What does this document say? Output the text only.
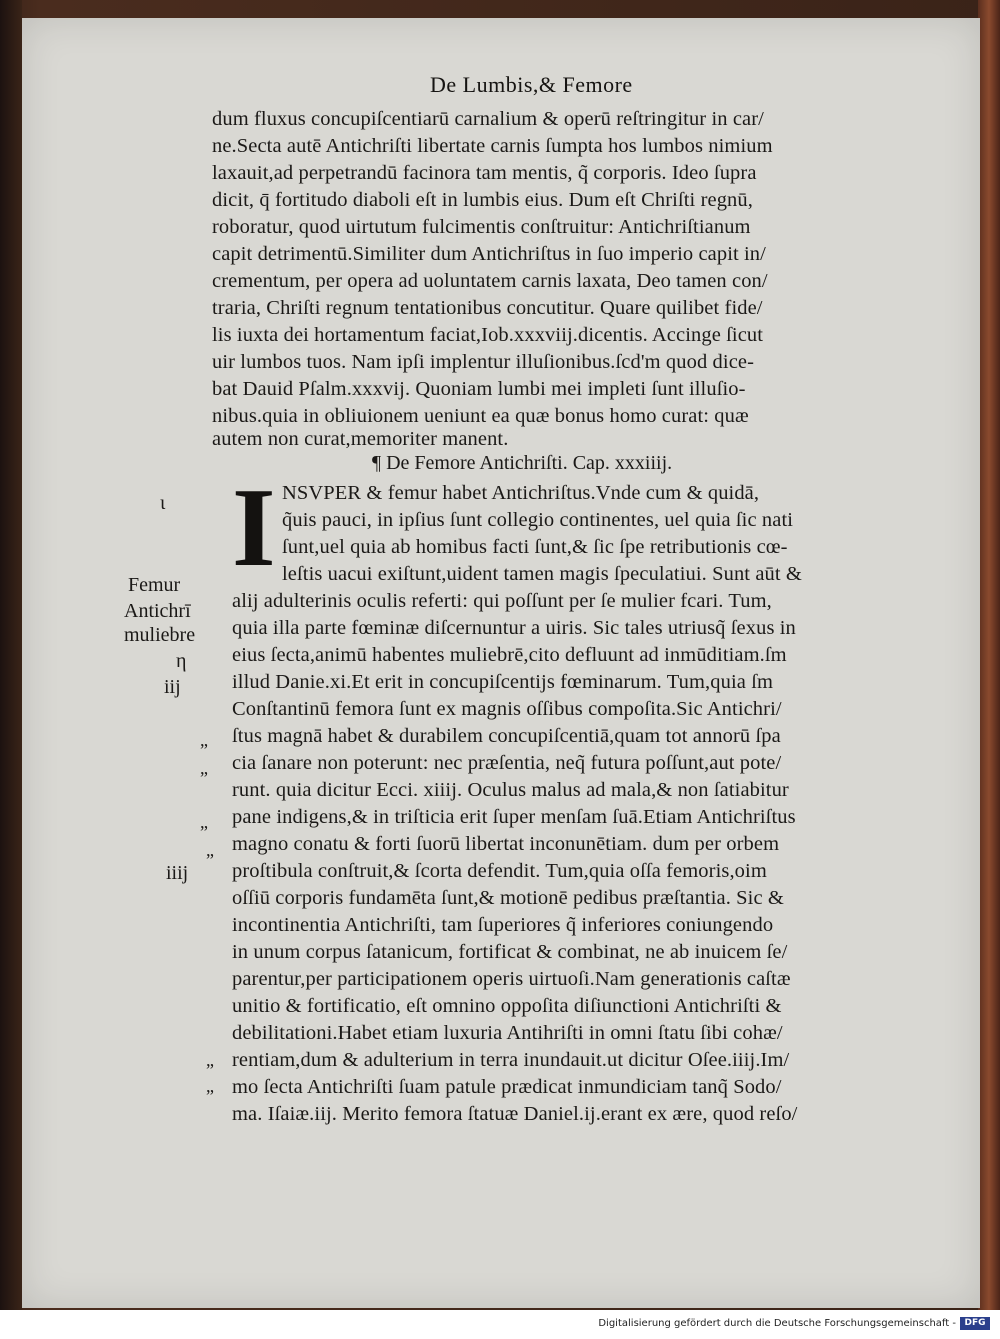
De Lumbis,& Femore
dum fluxus concupiſcentiarū carnalium & operū reſtringitur in car/
ne.Secta autē Antichriſti libertate carnis ſumpta hos lumbos nimium
laxauit,ad perpetrandū facinora tam mentis, q̃ corporis. Ideo ſupra
dicit, q̄ fortitudo diaboli eſt in lumbis eius. Dum eſt Chriſti regnū,
roboratur, quod uirtutum fulcimentis conſtruitur: Antichriſtianum
capit detrimentū.Similiter dum Antichriſtus in ſuo imperio capit in/
crementum, per opera ad uoluntatem carnis laxata, Deo tamen con/
traria, Chriſti regnum tentationibus concutitur. Quare quilibet fide/
lis iuxta dei hortamentum faciat,Iob.xxxviij.dicentis. Accinge ſicut
uir lumbos tuos. Nam ipſi implentur illuſionibus.ſcd'm quod dice-
bat Dauid Pſalm.xxxvij. Quoniam lumbi mei impleti ſunt illuſio-
nibus.quia in obliuionem ueniunt ea quæ bonus homo curat: quæ
autem non curat,memoriter manent.
¶ De Femore Antichriſti. Cap. xxxiiij.
I NSVPER & femur habet Antichriſtus.Vnde cum & quidā,
q̃uis pauci, in ipſius ſunt collegio continentes, uel quia ſic nati
ſunt,uel quia ab homibus facti ſunt,& ſic ſpe retributionis cœ-
leſtis uacui exiſtunt,uident tamen magis ſpeculatiui. Sunt aūt &
alij adulterinis oculis referti: qui poſſunt per ſe mulier fcari. Tum,
quia illa parte fœminæ diſcernuntur a uiris. Sic tales utriusq̃ ſexus in
eius ſecta,animū habentes muliebrē,cito defluunt ad inmūditiam.ſm
illud Danie.xi.Et erit in concupiſcentijs fœminarum. Tum,quia ſm
Conſtantinū femora ſunt ex magnis oſſibus compoſita.Sic Antichri/
ſtus magnā habet & durabilem concupiſcentiā,quam tot annorū ſpa
cia ſanare non poterunt: nec præſentia, neq̃ futura poſſunt,aut pote/
runt. quia dicitur Ecci. xiiij. Oculus malus ad mala,& non ſatiabitur
pane indigens,& in triſticia erit ſuper menſam ſuā.Etiam Antichriſtus
magno conatu & forti ſuorū libertat inconunētiam. dum per orbem
proſtibula conſtruit,& ſcorta defendit. Tum,quia oſſa femoris,oim
oſſiū corporis fundamēta ſunt,& motionē pedibus præſtantia. Sic &
incontinentia Antichriſti, tam ſuperiores q̃ inferiores coniungendo
in unum corpus ſatanicum, fortificat & combinat, ne ab inuicem ſe/
parentur,per participationem operis uirtuoſi.Nam generationis caſtæ
unitio & fortificatio, eſt omnino oppoſita diſiunctioni Antichriſti &
debilitationi.Habet etiam luxuria Antihriſti in omni ſtatu ſibi cohæ/
rentiam,dum & adulterium in terra inundauit.ut dicitur Oſee.iiij.Im/
mo ſecta Antichriſti ſuam patule prædicat inmundiciam tanq̃ Sodo/
ma. Iſaiæ.iij. Merito femora ſtatuæ Daniel.ij.erant ex ære, quod reſo/
ι
Femur
Antichrī
muliebre
η
iij
iiij
„
„
„
„
„
„
Digitalisierung gefördert durch die Deutsche Forschungsgemeinschaft - DFG
